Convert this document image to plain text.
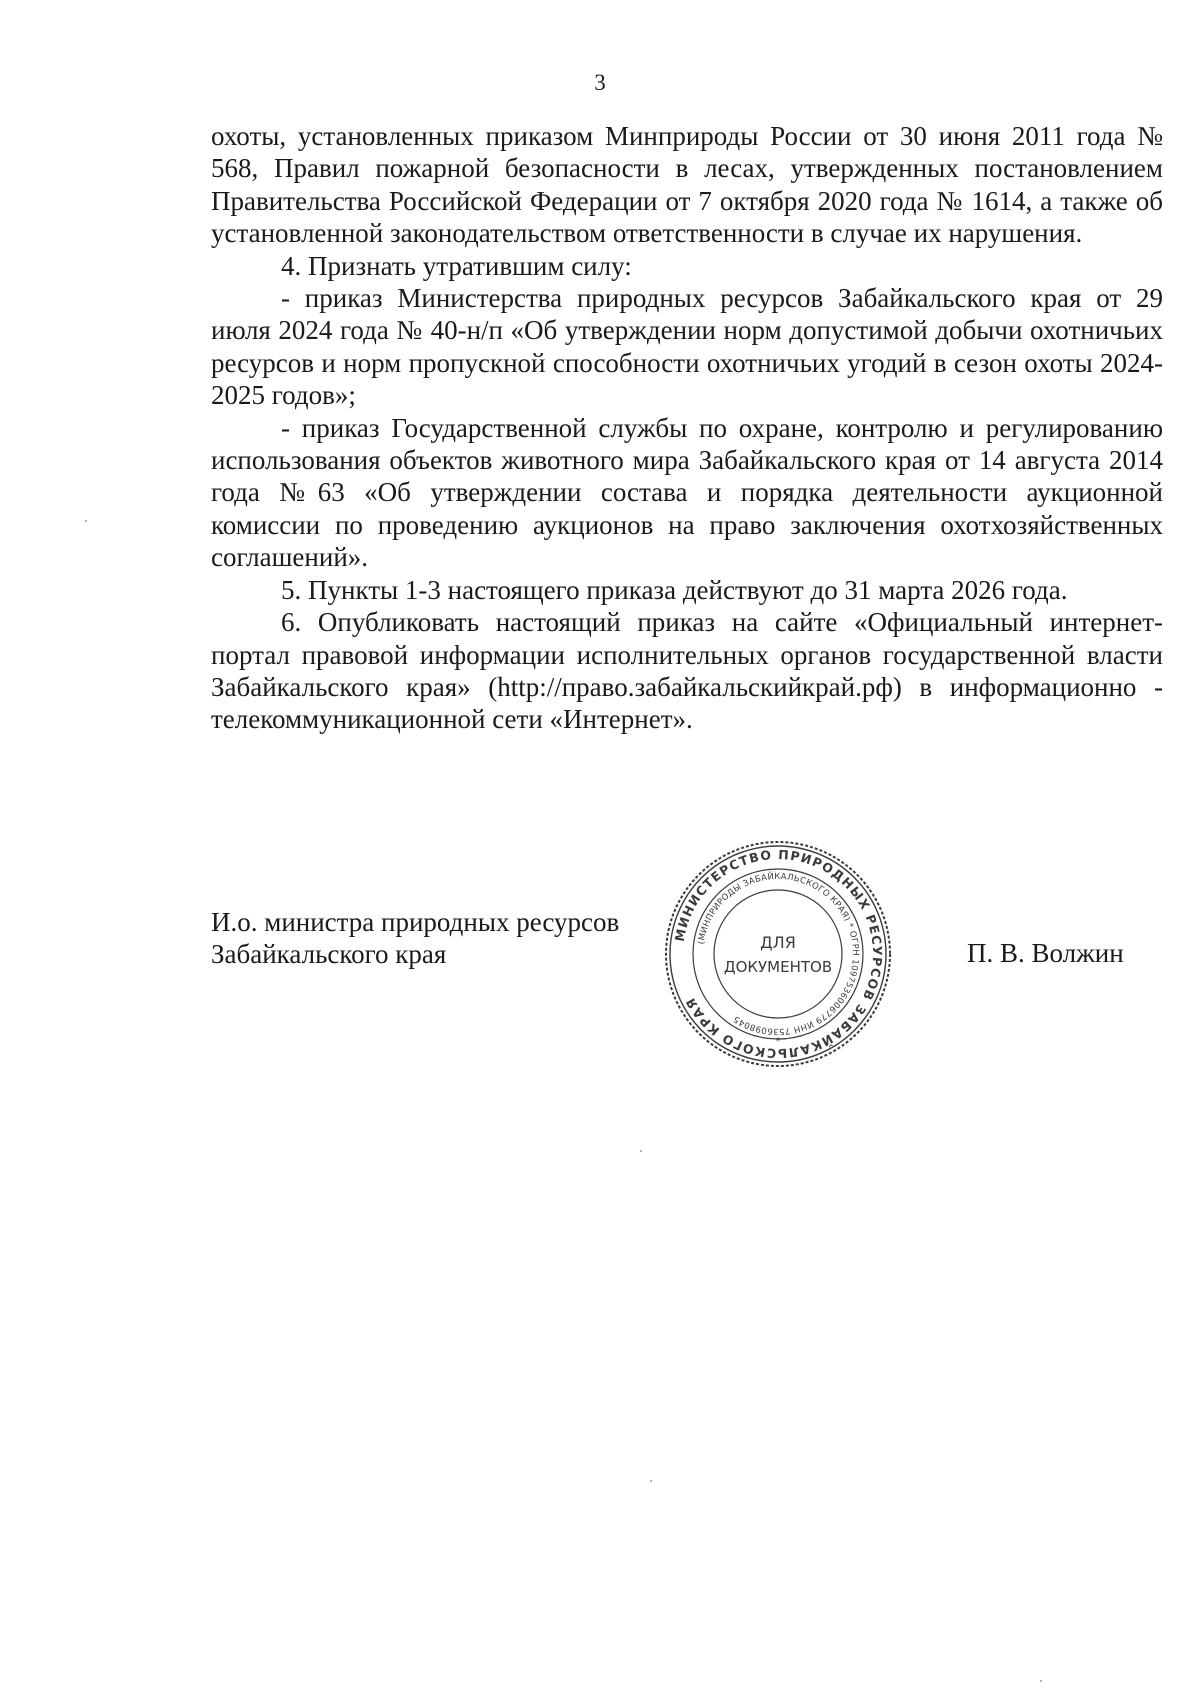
3

охоты, установленных приказом Минприроды России от 30 июня 2011 года № 568, Правил пожарной безопасности в лесах, утвержденных постановлением Правительства Российской Федерации от 7 октября 2020 года № 1614, а также об установленной законодательством ответственности в случае их нарушения.

4. Признать утратившим силу:

- приказ Министерства природных ресурсов Забайкальского края от 29 июля 2024 года № 40-н/п «Об утверждении норм допустимой добычи охотничьих ресурсов и норм пропускной способности охотничьих угодий в сезон охоты 2024-2025 годов»;

- приказ Государственной службы по охране, контролю и регулированию использования объектов животного мира Забайкальского края от 14 августа 2014 года №63 «Об утверждении состава и порядка деятельности аукционной комиссии по проведению аукционов на право заключения охотхозяйственных соглашений».

5. Пункты 1-3 настоящего приказа действуют до 31 марта 2026 года.

6. Опубликовать настоящий приказ на сайте «Официальный интернет-портал правовой информации исполнительных органов государственной власти Забайкальского края» (http://право.забайкальскийкрай.рф) в информационно - телекоммуникационной сети «Интернет».

И.о. министра природных ресурсов
Забайкальского края	П. В. Волжин
МИНИСТЕРСТВО ПРИРОДНЫХ РЕСУРСОВ ЗАБАЙКАЛЬСКОГО КРАЯ
(МИНПРИРОДЫ ЗАБАЙКАЛЬСКОГО КРАЯ) * ОГРН 1097536006779 ИНН 7536098045
ДЛЯ
ДОКУМЕНТОВ
*
